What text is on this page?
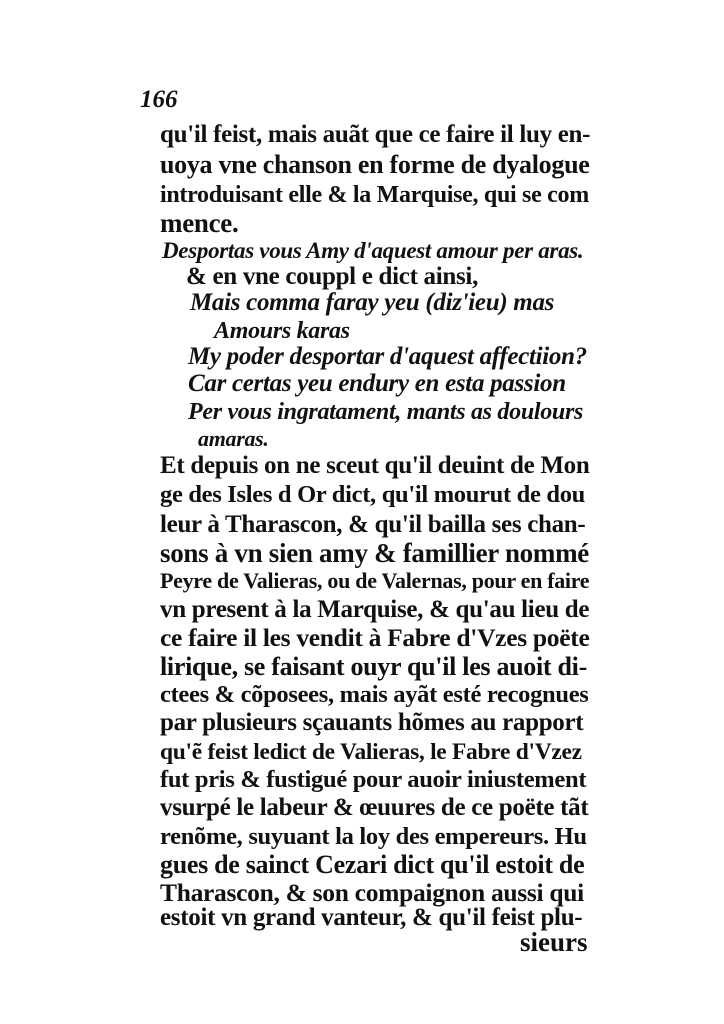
166
qu'il feist, mais auãt que ce faire il luy en-
uoya vne chanson en forme de dyalogue
introduisant elle & la Marquise, qui se com
mence.
Desportas vous Amy d'aquest amour per aras.
& en vne couppl e dict ainsi,
Mais comma faray yeu (diz'ieu) mas
Amours karas
My poder desportar d'aquest affectiion?
Car certas yeu endury en esta passion
Per vous ingratament, mants as doulours
amaras.
Et depuis on ne sceut qu'il deuint de Mon
ge des Isles d Or dict, qu'il mourut de dou
leur à Tharascon, & qu'il bailla ses chan-
sons à vn sien amy & famillier nommé
Peyre de Valieras, ou de Valernas, pour en faire
vn present à la Marquise, & qu'au lieu de
ce faire il les vendit à Fabre d'Vzes poëte
lirique, se faisant ouyr qu'il les auoit di-
ctees & cõposees, mais ayãt esté recognues
par plusieurs sçauants hõmes au rapport
qu'ẽ feist ledict de Valieras, le Fabre d'Vzez
fut pris & fustigué pour auoir iniustement
vsurpé le labeur & œuures de ce poëte tãt
renõme, suyuant la loy des empereurs. Hu
gues de sainct Cezari dict qu'il estoit de
Tharascon, & son compaignon aussi qui
estoit vn grand vanteur, & qu'il feist plu-
sieurs
